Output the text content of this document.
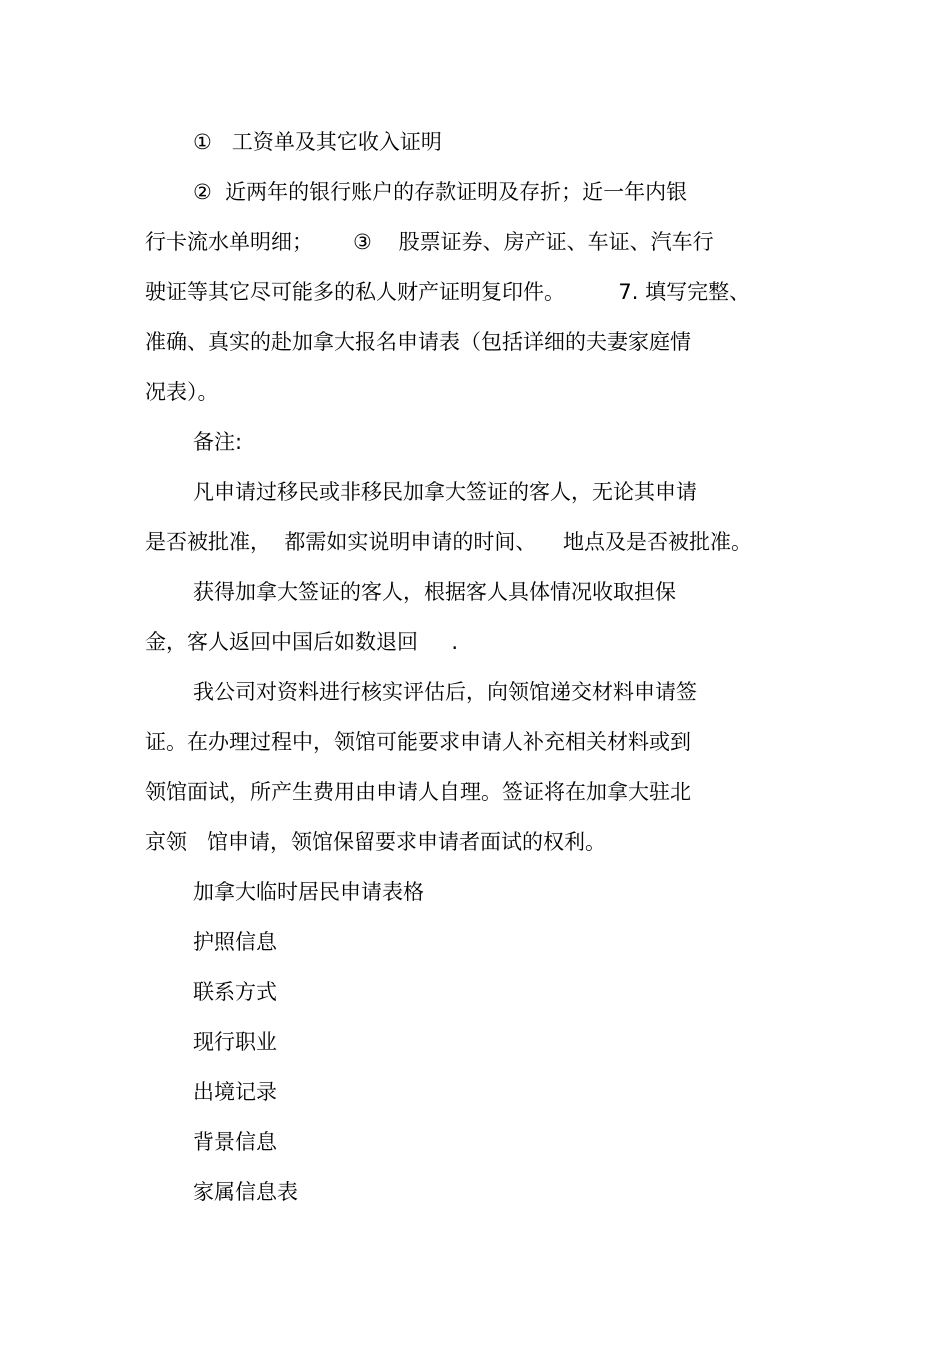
①   工资单及其它收入证明
②  近两年的银行账户的存款证明及存折；近一年内银
行卡流水单明细；      ③    股票证券、房产证、车证、汽车行
驶证等其它尽可能多的私人财产证明复印件。        7. 填写完整、
准确、真实的赴加拿大报名申请表（包括详细的夫妻家庭情
况表）。
备注:
凡申请过移民或非移民加拿大签证的客人，无论其申请
是否被批准，  都需如实说明申请的时间、    地点及是否被批准。
获得加拿大签证的客人，根据客人具体情况收取担保
金，客人返回中国后如数退回     .
我公司对资料进行核实评估后，向领馆递交材料申请签
证。在办理过程中，领馆可能要求申请人补充相关材料或到
领馆面试，所产生费用由申请人自理。签证将在加拿大驻北
京领   馆申请，领馆保留要求申请者面试的权利。
加拿大临时居民申请表格
护照信息
联系方式
现行职业
出境记录
背景信息
家属信息表
